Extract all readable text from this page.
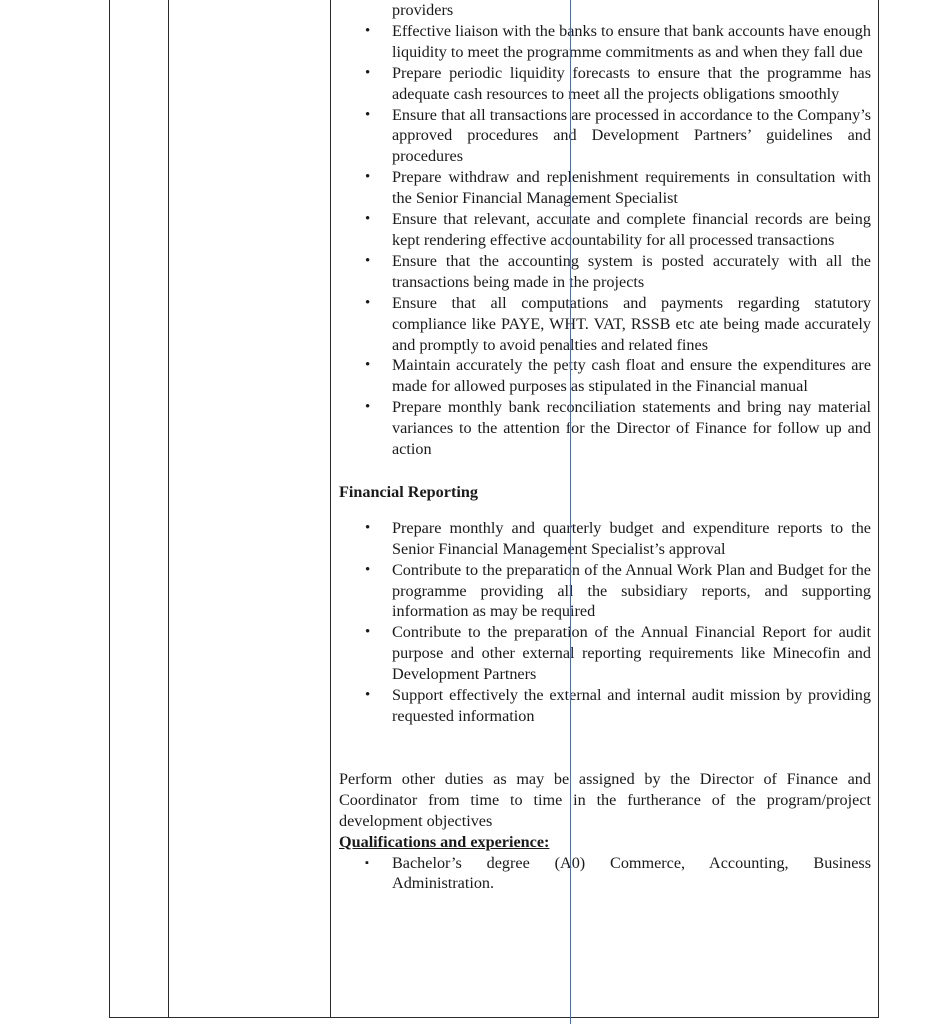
providers
• Effective liaison with the banks to ensure that bank accounts have enough liquidity to meet the programme commitments as and when they fall due
• Prepare periodic liquidity forecasts to ensure that the programme has adequate cash resources to meet all the projects obligations smoothly
• Ensure that all transactions are processed in accordance to the Company’s approved procedures and Development Partners’ guidelines and procedures
• Prepare withdraw and replenishment requirements in consultation with the Senior Financial Management Specialist
• Ensure that relevant, accurate and complete financial records are being kept rendering effective accountability for all processed transactions
• Ensure that the accounting system is posted accurately with all the transactions being made in the projects
• Ensure that all computations and payments regarding statutory compliance like PAYE, WHT. VAT, RSSB etc ate being made accurately and promptly to avoid penalties and related fines
• Maintain accurately the petty cash float and ensure the expenditures are made for allowed purposes as stipulated in the Financial manual
• Prepare monthly bank reconciliation statements and bring nay material variances to the attention for the Director of Finance for follow up and action
Financial Reporting
• Prepare monthly and quarterly budget and expenditure reports to the Senior Financial Management Specialist’s approval
• Contribute to the preparation of the Annual Work Plan and Budget for the programme providing all the subsidiary reports, and supporting information as may be required
• Contribute to the preparation of the Annual Financial Report for audit purpose and other external reporting requirements like Minecofin and Development Partners
• Support effectively the external and internal audit mission by providing requested information
Perform other duties as may be assigned by the Director of Finance and Coordinator from time to time in the furtherance of the program/project development objectives
Qualifications and experience:
▪	Bachelor’s degree (A0) Commerce, Accounting, Business Administration.
